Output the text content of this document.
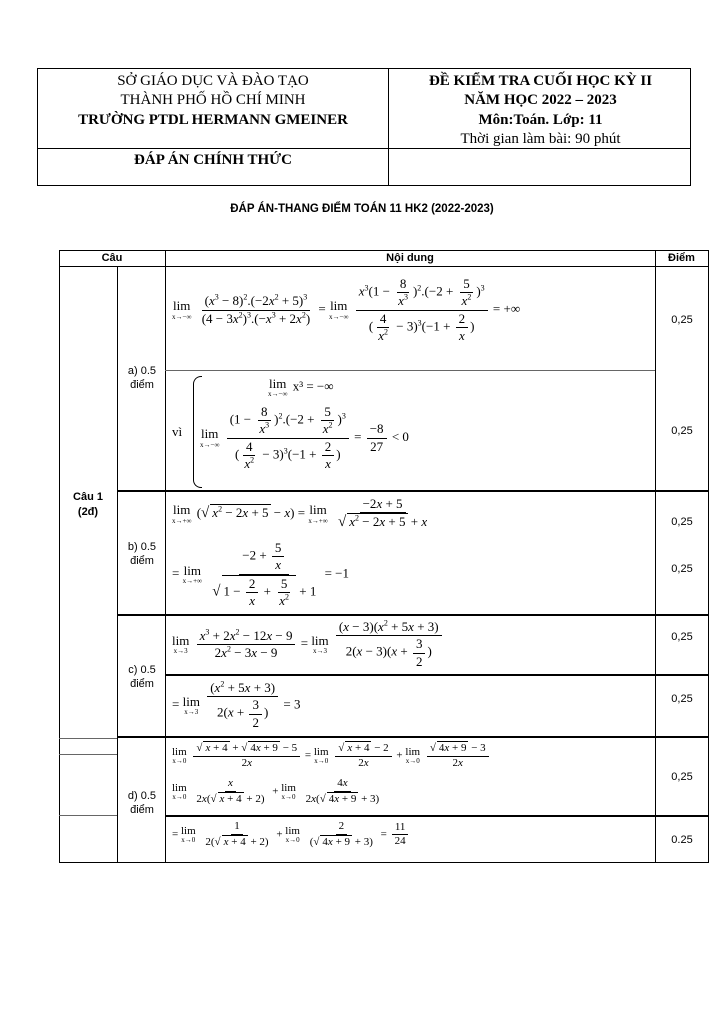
SỞ GIÁO DỤC VÀ ĐÀO TẠO
THÀNH PHỐ HỒ CHÍ MINH
TRƯỜNG PTDL HERMANN GMEINER
ĐÁP ÁN CHÍNH THỨC
ĐỀ KIỂM TRA CUỐI HỌC KỲ II
NĂM HỌC 2022 – 2023
Môn:Toán. Lớp: 11
Thời gian làm bài: 90 phút
ĐÁP ÁN-THANG ĐIỂM TOÁN 11 HK2 (2022-2023)
Câu	Nội dung	Điểm
Câu 1
(2đ)
a) 0.5
điểm
b) 0.5
điểm
c) 0.5
điểm
d) 0.5
điểm
0,25
0,25
0,25
0,25
0,25
0,25
0,25
0.25
lim
x→−∞
$\frac{(x^3 - 8)^2.(-2x^2 + 5)^3}{(4 - 3x^2)^3.(-x^3 + 2x^2)} = \lim$
x→−∞
$\frac{x^3(1 - \frac{8}{x^3} )^2.(-2 + \frac{5}{x^2} )^3}{( \frac{4}{x^2} - 3)^3(-1 + \frac{2}{x} )}$ = +∞
vì
lim
x→−∞
x³ = −∞
lim
x→−∞
$\frac{(1 - \frac{8}{x^3} )^2.(-2 + \frac{5}{x^2} )^3}{( \frac{4}{x^2} - 3)^3(-1 + \frac{2}{x} )} = \frac{-8}{27} < 0$
lim
x→+∞
(√ $x^2 - 2x + 5 - x) = \lim$
x→+∞
$\frac{-2x + 5}{√ x^2 - 2x + 5 + x}$
= lim
x→+∞
$\frac{-2 + \frac{5}{x}}{√ 1 - \frac{2}{x} + \frac{5}{x^2} + 1} = -1$
lim
x→3
$\frac{x^3 + 2x^2 - 12x - 9}{2x^2 - 3x - 9} = \lim$
x→3
$\frac{(x - 3)(x^2 + 5x + 3)}{2(x - 3)(x + \frac{3}{2} )}$
= lim
x→3
$\frac{(x^2 + 5x + 3)}{2(x + \frac{3}{2} )} = 3$
lim
x→0
$\frac{√ x + 4 + √ 4x + 9 - 5}{2x} = \lim$
x→0
$\frac{√ x + 4 - 2}{2x} + \lim$
x→0
$\frac{√ 4x + 9 - 3}{2x}$
lim
x→0
$\frac{x}{2x(√ x + 4 + 2)} + \lim$
x→0
$\frac{4x}{2x(√ 4x + 9 + 3)}$
= lim
x→0
$\frac{1}{2(√ x + 4 + 2)} + \lim$
x→0
$\frac{2}{(√ 4x + 9 + 3)} = \frac{11}{24}$
